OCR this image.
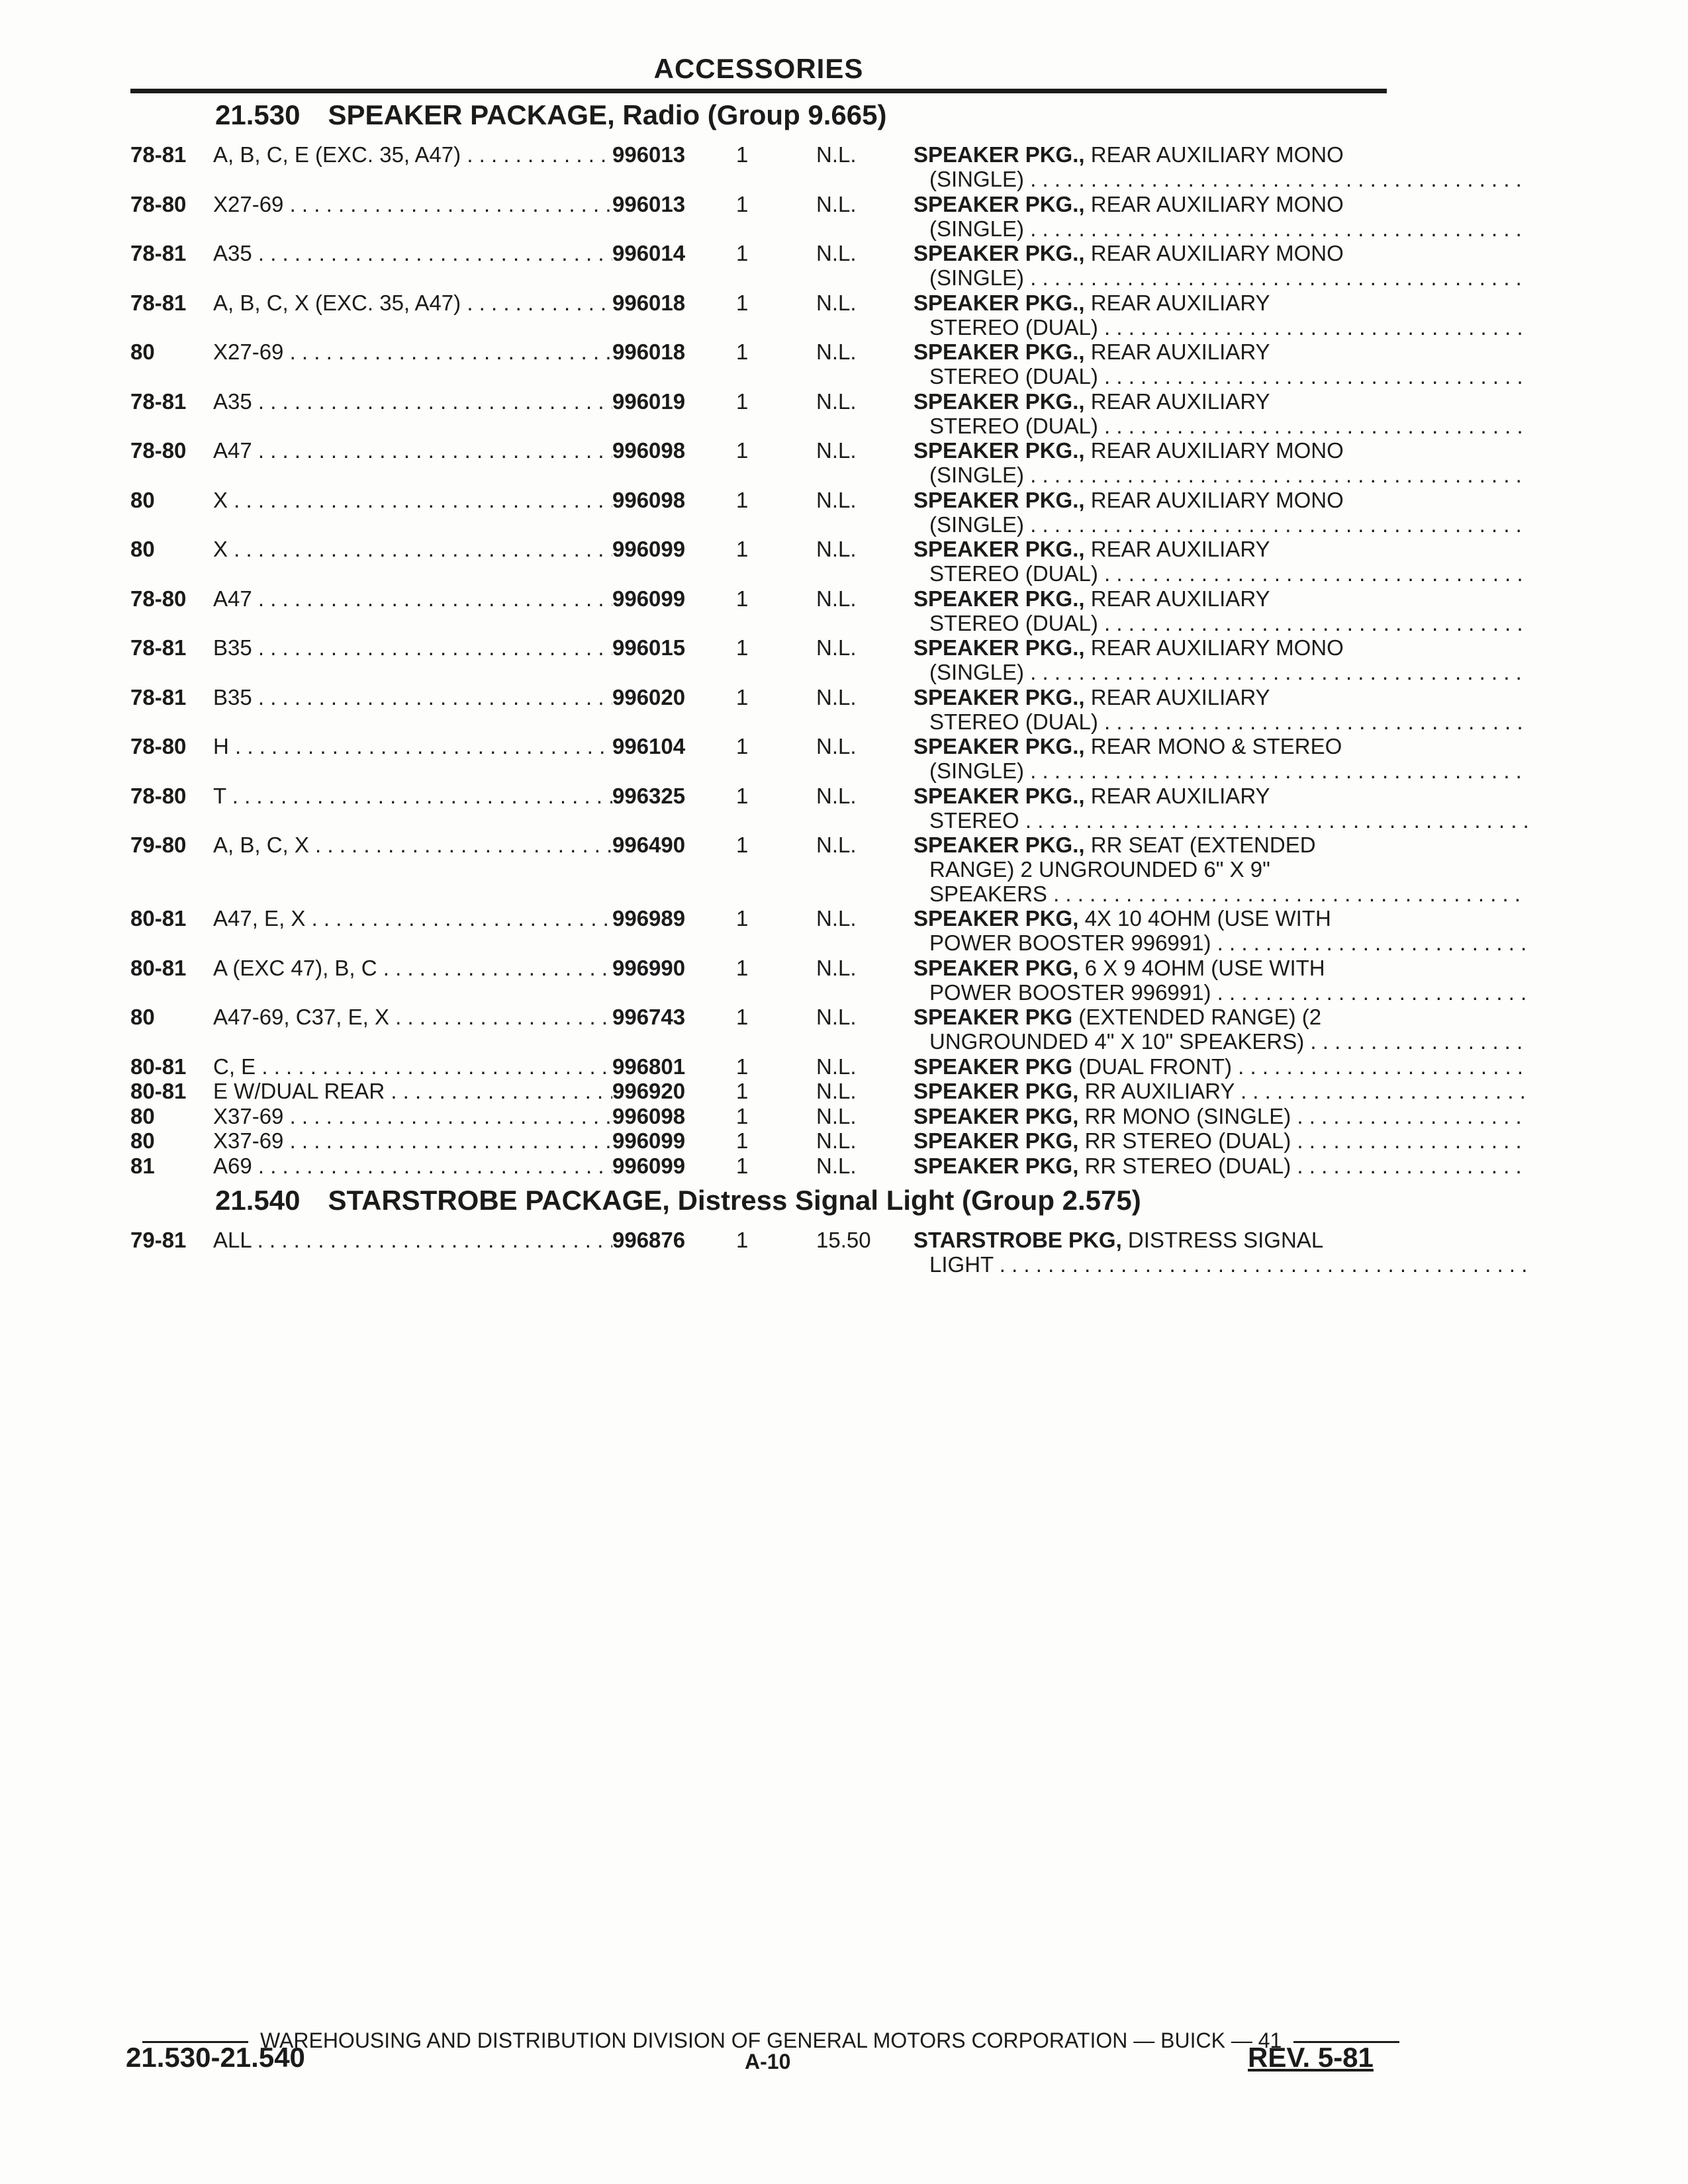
ACCESSORIES
21.530 SPEAKER PACKAGE, Radio (Group 9.665)
78-81	A, B, C, E (EXC. 35, A47) . . .	996013	1	N.L.	SPEAKER PKG., REAR AUXILIARY MONO
(SINGLE) . . .
78-80	X27-69 . . .	996013	1	N.L.	SPEAKER PKG., REAR AUXILIARY MONO
(SINGLE) . . .
78-81	A35 . . .	996014	1	N.L.	SPEAKER PKG., REAR AUXILIARY MONO
(SINGLE) . . .
78-81	A, B, C, X (EXC. 35, A47) . . .	996018	1	N.L.	SPEAKER PKG., REAR AUXILIARY
STEREO (DUAL) . . .
80	X27-69 . . .	996018	1	N.L.	SPEAKER PKG., REAR AUXILIARY
STEREO (DUAL) . . .
78-81	A35 . . .	996019	1	N.L.	SPEAKER PKG., REAR AUXILIARY
STEREO (DUAL) . . .
78-80	A47 . . .	996098	1	N.L.	SPEAKER PKG., REAR AUXILIARY MONO
(SINGLE) . . .
80	X . . .	996098	1	N.L.	SPEAKER PKG., REAR AUXILIARY MONO
(SINGLE) . . .
80	X . . .	996099	1	N.L.	SPEAKER PKG., REAR AUXILIARY
STEREO (DUAL) . . .
78-80	A47 . . .	996099	1	N.L.	SPEAKER PKG., REAR AUXILIARY
STEREO (DUAL) . . .
78-81	B35 . . .	996015	1	N.L.	SPEAKER PKG., REAR AUXILIARY MONO
(SINGLE) . . .
78-81	B35 . . .	996020	1	N.L.	SPEAKER PKG., REAR AUXILIARY
STEREO (DUAL) . . .
78-80	H . . .	996104	1	N.L.	SPEAKER PKG., REAR MONO & STEREO
(SINGLE) . . .
78-80	T . . .	996325	1	N.L.	SPEAKER PKG., REAR AUXILIARY
STEREO . . .
79-80	A, B, C, X . . .	996490	1	N.L.	SPEAKER PKG., RR SEAT (EXTENDED
RANGE) 2 UNGROUNDED 6" X 9"
SPEAKERS . . .
80-81	A47, E, X . . .	996989	1	N.L.	SPEAKER PKG, 4X 10 4OHM (USE WITH
POWER BOOSTER 996991) . . .
80-81	A (EXC 47), B, C . . .	996990	1	N.L.	SPEAKER PKG, 6 X 9 4OHM (USE WITH
POWER BOOSTER 996991) . . .
80	A47-69, C37, E, X . . .	996743	1	N.L.	SPEAKER PKG (EXTENDED RANGE) (2
UNGROUNDED 4" X 10" SPEAKERS) . . .
80-81	C, E . . .	996801	1	N.L.	SPEAKER PKG (DUAL FRONT) . . .
80-81	E W/DUAL REAR . . .	996920	1	N.L.	SPEAKER PKG, RR AUXILIARY . . .
80	X37-69 . . .	996098	1	N.L.	SPEAKER PKG, RR MONO (SINGLE) . . .
80	X37-69 . . .	996099	1	N.L.	SPEAKER PKG, RR STEREO (DUAL) . . .
81	A69 . . .	996099	1	N.L.	SPEAKER PKG, RR STEREO (DUAL) . . .
21.540 STARSTROBE PACKAGE, Distress Signal Light (Group 2.575)
79-81	ALL . . .	996876	1	15.50	STARSTROBE PKG, DISTRESS SIGNAL
LIGHT . . .
WAREHOUSING AND DISTRIBUTION DIVISION OF GENERAL MOTORS CORPORATION — BUICK — 41
21.530-21.540	A-10	REV. 5-81
